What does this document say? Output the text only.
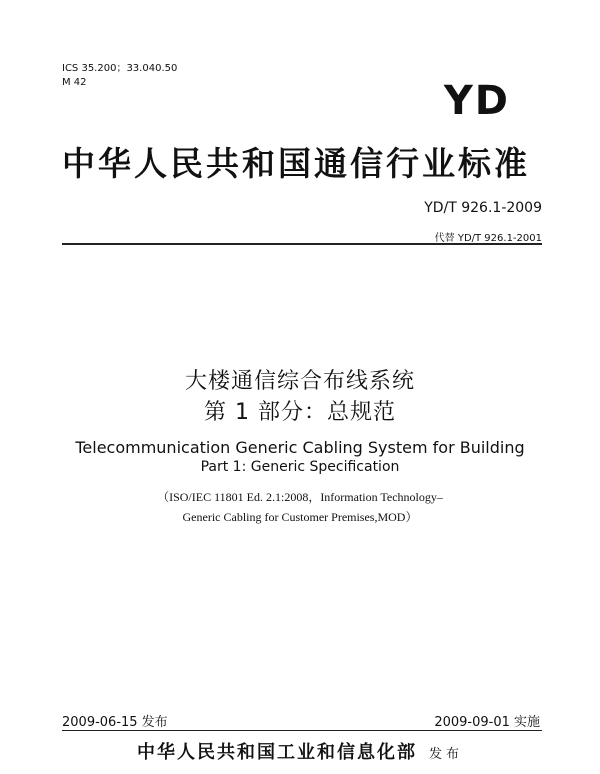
ICS 35.200；33.040.50
M 42	YD
中华人民共和国通信行业标准
YD/T 926.1-2009
代替 YD/T 926.1-2001
大楼通信综合布线系统
第 1 部分：总规范
Telecommunication Generic Cabling System for Building
Part 1: Generic Specification
（ISO/IEC 11801 Ed. 2.1:2008，Information Technology–
Generic Cabling for Customer Premises,MOD）
2009-06-15 发布	2009-09-01 实施
中华人民共和国工业和信息化部 发布
